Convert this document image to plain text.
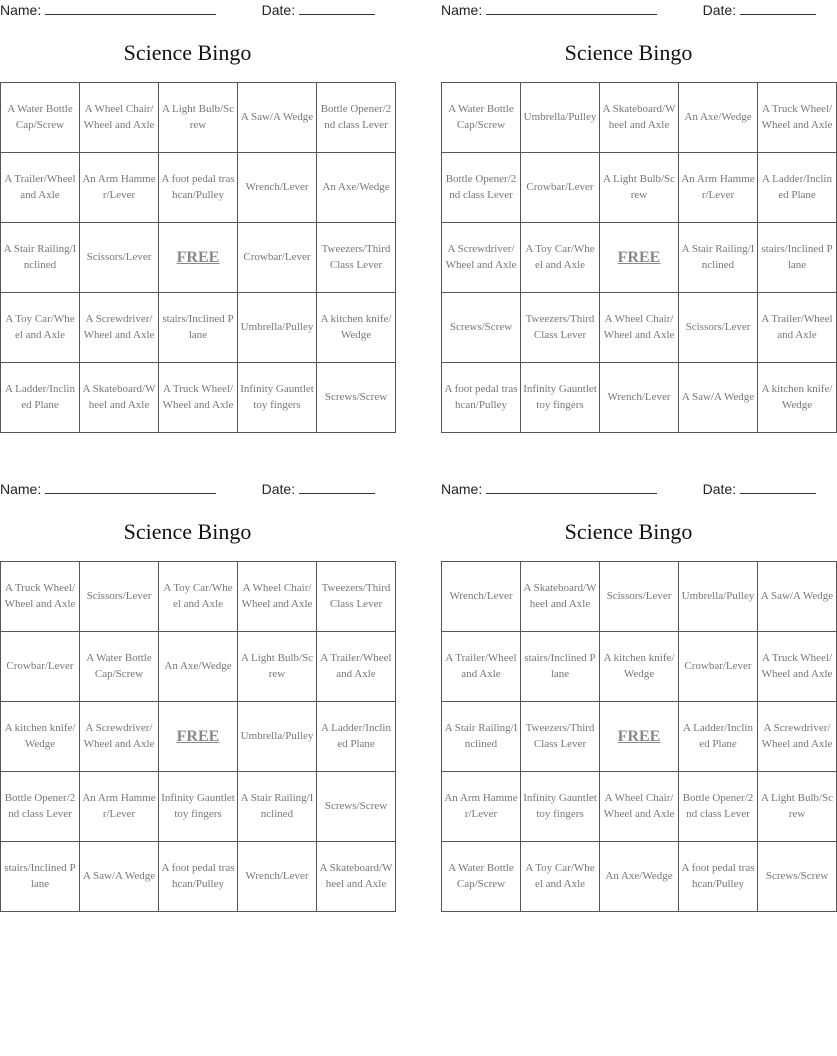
Name:	Date:
Science Bingo
A Water Bottle Cap/Screw	A Wheel Chair/Wheel and Axle	A Light Bulb/Screw	A Saw/A Wedge	Bottle Opener/2nd class Lever
A Trailer/Wheel and Axle	An Arm Hammer/Lever	A foot pedal trashcan/Pulley	Wrench/Lever	An Axe/Wedge
A Stair Railing/Inclined	Scissors/Lever	FREE	Crowbar/Lever	Tweezers/Third Class Lever
A Toy Car/Wheel and Axle	A Screwdriver/Wheel and Axle	stairs/Inclined Plane	Umbrella/Pulley	A kitchen knife/Wedge
A Ladder/Inclined Plane	A Skateboard/Wheel and Axle	A Truck Wheel/Wheel and Axle	Infinity Gauntlet toy fingers	Screws/Screw
Name:	Date:
Science Bingo
A Water Bottle Cap/Screw	Umbrella/Pulley	A Skateboard/Wheel and Axle	An Axe/Wedge	A Truck Wheel/Wheel and Axle
Bottle Opener/2nd class Lever	Crowbar/Lever	A Light Bulb/Screw	An Arm Hammer/Lever	A Ladder/Inclined Plane
A Screwdriver/Wheel and Axle	A Toy Car/Wheel and Axle	FREE	A Stair Railing/Inclined	stairs/Inclined Plane
Screws/Screw	Tweezers/Third Class Lever	A Wheel Chair/Wheel and Axle	Scissors/Lever	A Trailer/Wheel and Axle
A foot pedal trashcan/Pulley	Infinity Gauntlet toy fingers	Wrench/Lever	A Saw/A Wedge	A kitchen knife/Wedge
Name:	Date:
Science Bingo
A Truck Wheel/Wheel and Axle	Scissors/Lever	A Toy Car/Wheel and Axle	A Wheel Chair/Wheel and Axle	Tweezers/Third Class Lever
Crowbar/Lever	A Water Bottle Cap/Screw	An Axe/Wedge	A Light Bulb/Screw	A Trailer/Wheel and Axle
A kitchen knife/Wedge	A Screwdriver/Wheel and Axle	FREE	Umbrella/Pulley	A Ladder/Inclined Plane
Bottle Opener/2nd class Lever	An Arm Hammer/Lever	Infinity Gauntlet toy fingers	A Stair Railing/Inclined	Screws/Screw
stairs/Inclined Plane	A Saw/A Wedge	A foot pedal trashcan/Pulley	Wrench/Lever	A Skateboard/Wheel and Axle
Name:	Date:
Science Bingo
Wrench/Lever	A Skateboard/Wheel and Axle	Scissors/Lever	Umbrella/Pulley	A Saw/A Wedge
A Trailer/Wheel and Axle	stairs/Inclined Plane	A kitchen knife/Wedge	Crowbar/Lever	A Truck Wheel/Wheel and Axle
A Stair Railing/Inclined	Tweezers/Third Class Lever	FREE	A Ladder/Inclined Plane	A Screwdriver/Wheel and Axle
An Arm Hammer/Lever	Infinity Gauntlet toy fingers	A Wheel Chair/Wheel and Axle	Bottle Opener/2nd class Lever	A Light Bulb/Screw
A Water Bottle Cap/Screw	A Toy Car/Wheel and Axle	An Axe/Wedge	A foot pedal trashcan/Pulley	Screws/Screw
